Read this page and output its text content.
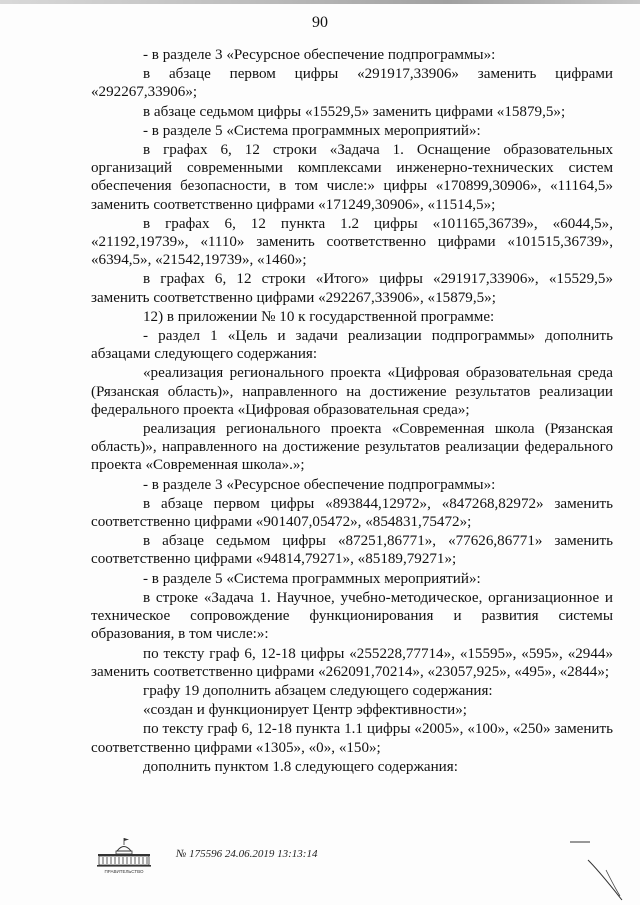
90

- в разделе 3 «Ресурсное обеспечение подпрограммы»:

в абзаце первом цифры «291917,33906» заменить цифрами «292267,33906»;

в абзаце седьмом цифры «15529,5» заменить цифрами «15879,5»;

- в разделе 5 «Система программных мероприятий»:

в графах 6, 12 строки «Задача 1. Оснащение образовательных организаций современными комплексами инженерно-технических систем обеспечения безопасности, в том числе:» цифры «170899,30906», «11164,5» заменить соответственно цифрами «171249,30906», «11514,5»;

в графах 6, 12 пункта 1.2 цифры «101165,36739», «6044,5», «21192,19739», «1110» заменить соответственно цифрами «101515,36739», «6394,5», «21542,19739», «1460»;

в графах 6, 12 строки «Итого» цифры «291917,33906», «15529,5» заменить соответственно цифрами «292267,33906», «15879,5»;

12) в приложении № 10 к государственной программе:

- раздел 1 «Цель и задачи реализации подпрограммы» дополнить абзацами следующего содержания:

«реализация регионального проекта «Цифровая образовательная среда (Рязанская область)», направленного на достижение результатов реализации федерального проекта «Цифровая образовательная среда»;

реализация регионального проекта «Современная школа (Рязанская область)», направленного на достижение результатов реализации федерального проекта «Современная школа».»;

- в разделе 3 «Ресурсное обеспечение подпрограммы»:

в абзаце первом цифры «893844,12972», «847268,82972» заменить соответственно цифрами «901407,05472», «854831,75472»;

в абзаце седьмом цифры «87251,86771», «77626,86771» заменить соответственно цифрами «94814,79271», «85189,79271»;

- в разделе 5 «Система программных мероприятий»:

в строке «Задача 1. Научное, учебно-методическое, организационное и техническое сопровождение функционирования и развития системы образования, в том числе:»:

по тексту граф 6, 12-18 цифры «255228,77714», «15595», «595», «2944» заменить соответственно цифрами «262091,70214», «23057,925», «495», «2844»;

графу 19 дополнить абзацем следующего содержания:

«создан и функционирует Центр эффективности»;

по тексту граф 6, 12-18 пункта 1.1 цифры «2005», «100», «250» заменить соответственно цифрами «1305», «0», «150»;

дополнить пунктом 1.8 следующего содержания:

ПРАВИТЕЛЬСТВО
№ 175596 24.06.2019 13:13:14
